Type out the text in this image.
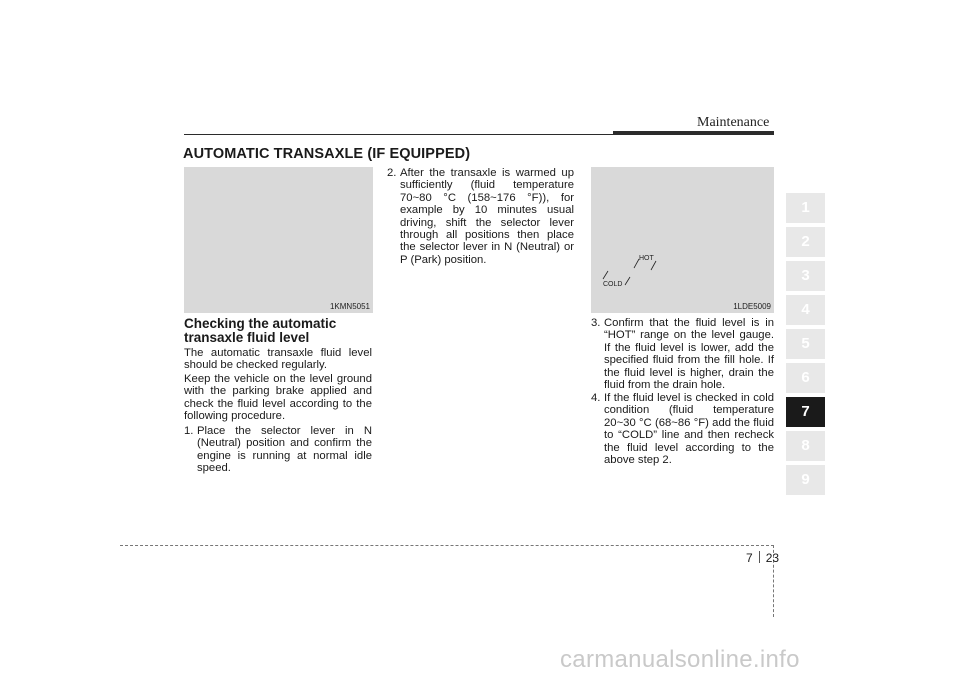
Maintenance
AUTOMATIC TRANSAXLE (IF EQUIPPED)
1KMN5051
HOT
COLD
1LDE5009
Checking the automatic transaxle fluid level
The automatic transaxle fluid level should be checked regularly.
Keep the vehicle on the level ground with the parking brake applied and check the fluid level according to the following procedure.
1. Place the selector lever in N (Neutral) position and confirm the engine is running at normal idle speed.
2. After the transaxle is warmed up sufficiently (fluid temperature 70~80 °C (158~176 °F)), for example by 10 minutes usual driving, shift the selector lever through all positions then place the selector lever in N (Neutral) or P (Park) position.
3. Confirm that the fluid level is in “HOT” range on the level gauge. If the fluid level is lower, add the specified fluid from the fill hole. If the fluid level is higher, drain the fluid from the drain hole.
4. If the fluid level is checked in cold condition (fluid temperature 20~30 °C (68~86 °F) add the fluid to “COLD” line and then recheck the fluid level according to the above step 2.
1
2
3
4
5
6
7
8
9
7 23
carmanualsonline.info
